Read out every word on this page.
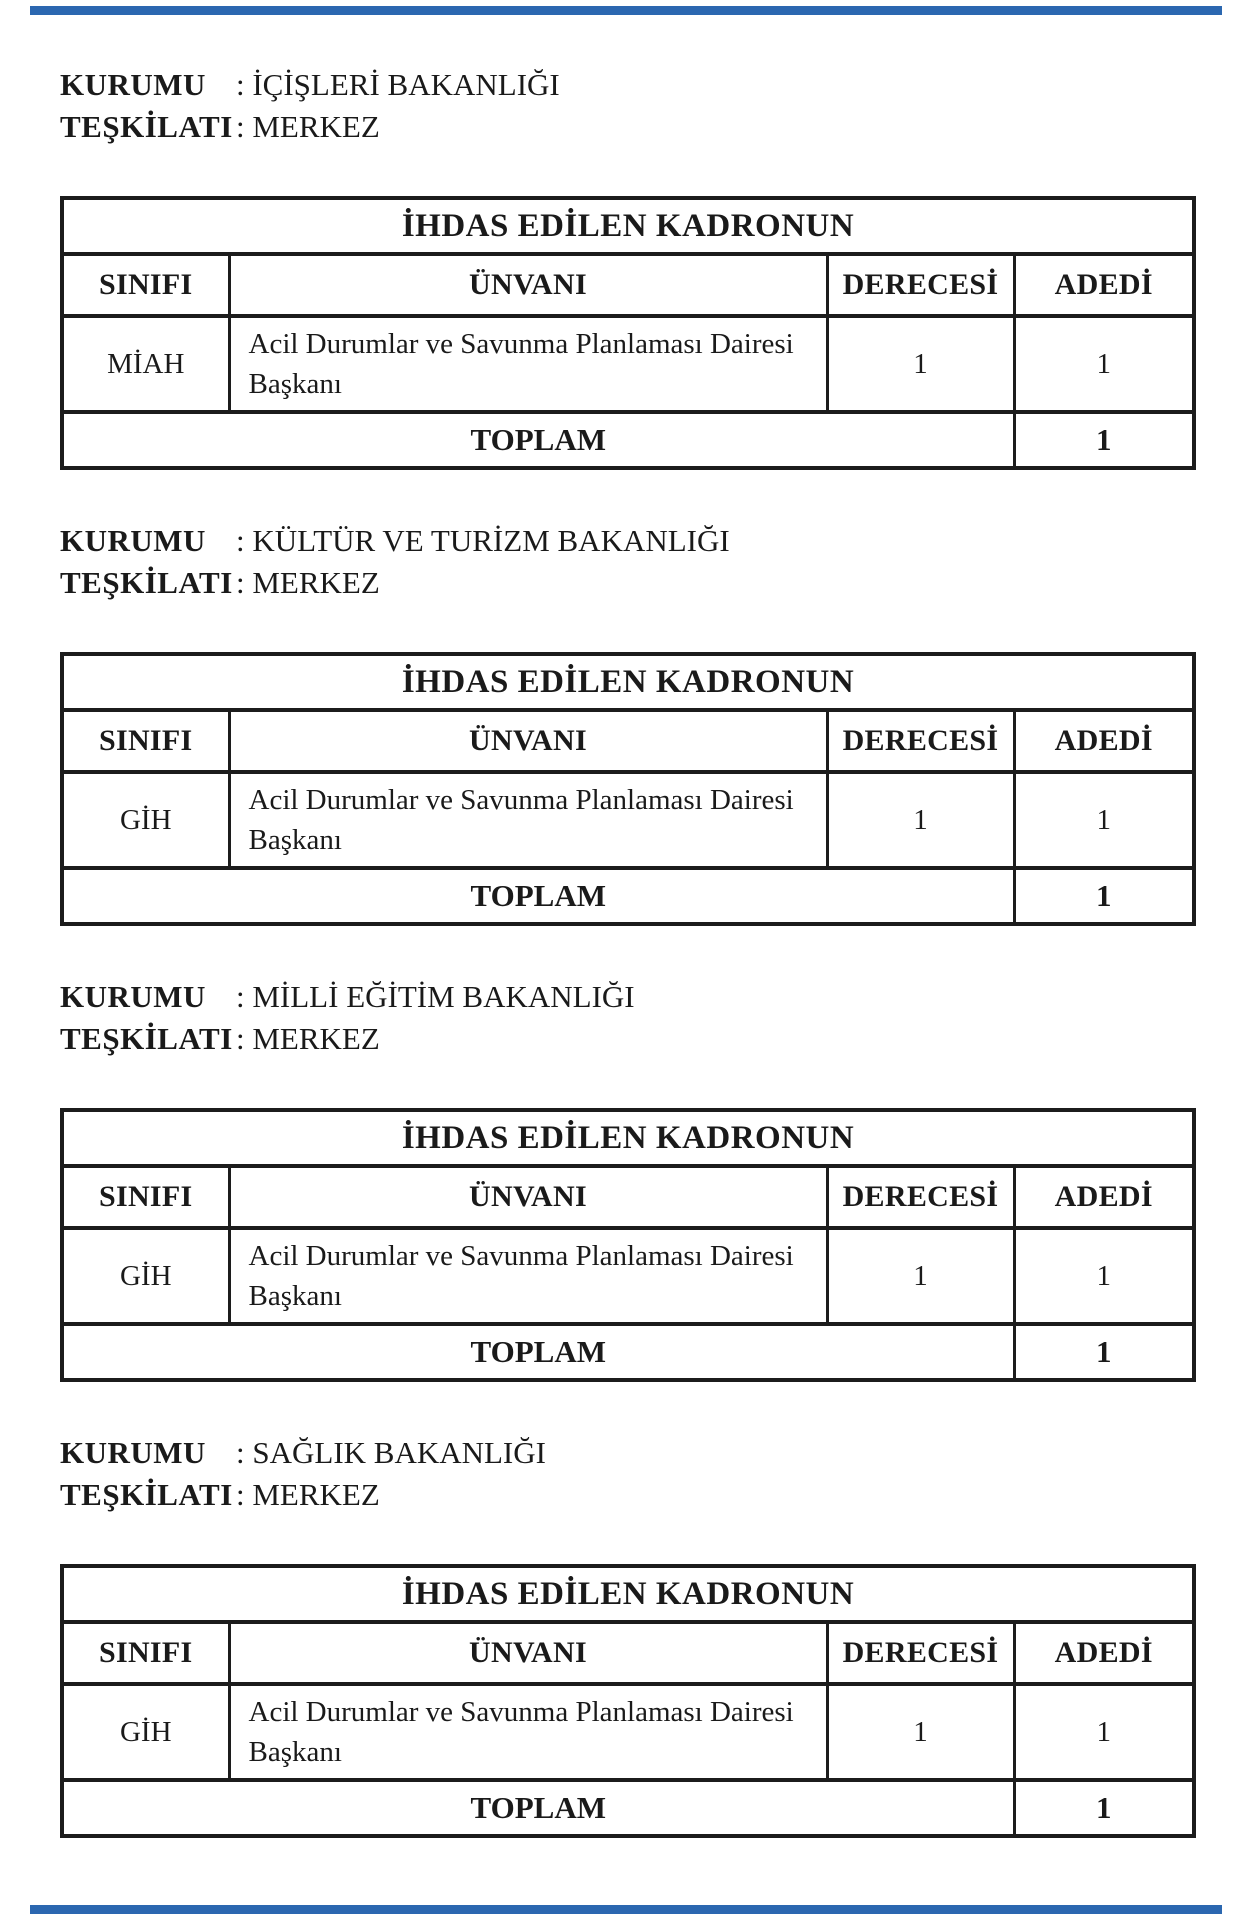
KURUMU : İÇİŞLERİ BAKANLIĞI
TEŞKİLATI : MERKEZ
İHDAS EDİLEN KADRONUN			
SINIFI	ÜNVANI	DERECESİ	ADEDİ
MİAH	Acil Durumlar ve Savunma Planlaması Dairesi Başkanı	1	1
TOPLAM			1
KURUMU : KÜLTÜR VE TURİZM BAKANLIĞI
TEŞKİLATI : MERKEZ
İHDAS EDİLEN KADRONUN			
SINIFI	ÜNVANI	DERECESİ	ADEDİ
GİH	Acil Durumlar ve Savunma Planlaması Dairesi Başkanı	1	1
TOPLAM			1
KURUMU : MİLLİ EĞİTİM BAKANLIĞI
TEŞKİLATI : MERKEZ
İHDAS EDİLEN KADRONUN			
SINIFI	ÜNVANI	DERECESİ	ADEDİ
GİH	Acil Durumlar ve Savunma Planlaması Dairesi Başkanı	1	1
TOPLAM			1
KURUMU : SAĞLIK BAKANLIĞI
TEŞKİLATI : MERKEZ
İHDAS EDİLEN KADRONUN			
SINIFI	ÜNVANI	DERECESİ	ADEDİ
GİH	Acil Durumlar ve Savunma Planlaması Dairesi Başkanı	1	1
TOPLAM			1
